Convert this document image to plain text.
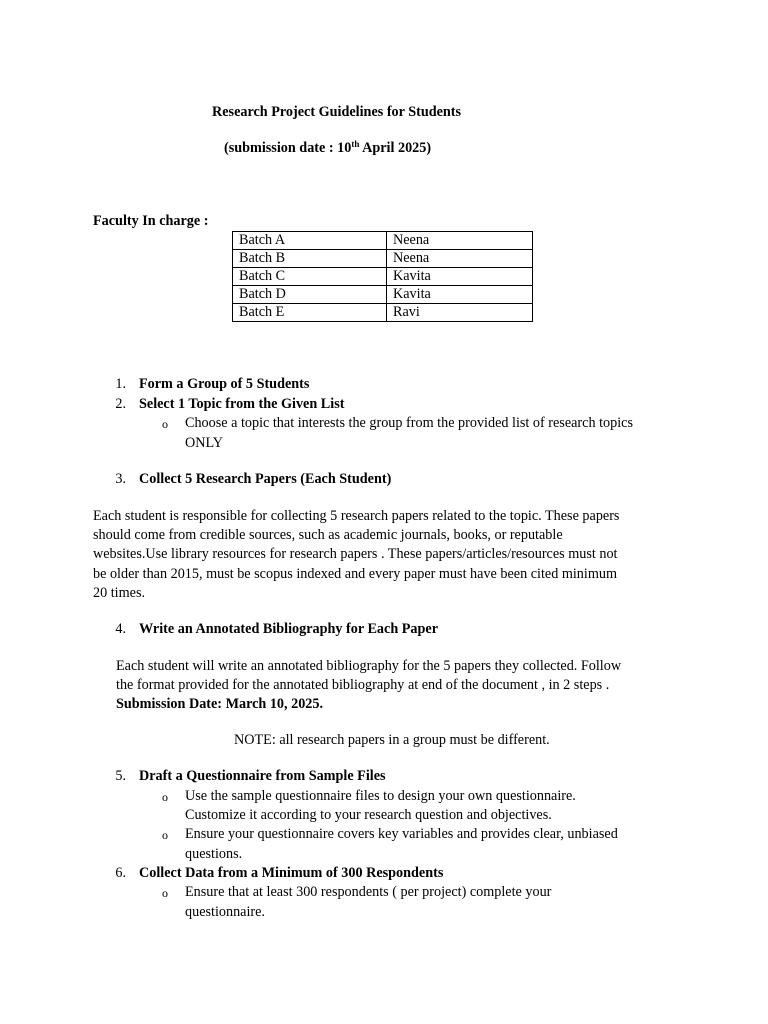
Research Project Guidelines for Students
(submission date : 10th April 2025)
Faculty In charge :
Batch A	Neena
Batch B	Neena
Batch C	Kavita
Batch D	Kavita
Batch E	Ravi
1. Form a Group of 5 Students
2. Select 1 Topic from the Given List
o Choose a topic that interests the group from the provided list of research topics
ONLY
3. Collect 5 Research Papers (Each Student)
Each student is responsible for collecting 5 research papers related to the topic. These papers
should come from credible sources, such as academic journals, books, or reputable
websites.Use library resources for research papers . These papers/articles/resources must not
be older than 2015, must be scopus indexed and every paper must have been cited minimum
20 times.
4. Write an Annotated Bibliography for Each Paper
Each student will write an annotated bibliography for the 5 papers they collected. Follow
the format provided for the annotated bibliography at end of the document , in 2 steps .
Submission Date: March 10, 2025.
NOTE: all research papers in a group must be different.
5. Draft a Questionnaire from Sample Files
o Use the sample questionnaire files to design your own questionnaire.
Customize it according to your research question and objectives.
o Ensure your questionnaire covers key variables and provides clear, unbiased
questions.
6. Collect Data from a Minimum of 300 Respondents
o Ensure that at least 300 respondents ( per project) complete your
questionnaire.
